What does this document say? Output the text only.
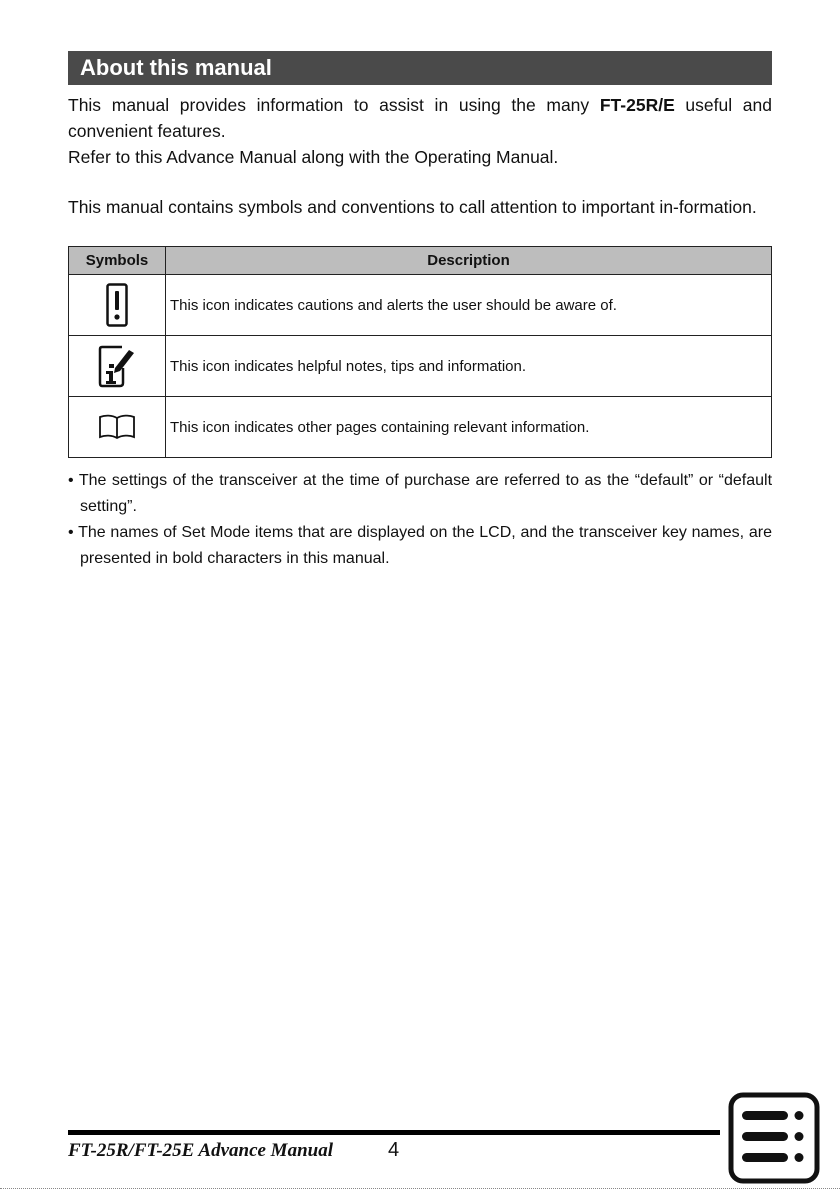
About this manual

This manual provides information to assist in using the many FT-25R/E useful and convenient features.
Refer to this Advance Manual along with the Operating Manual.

This manual contains symbols and conventions to call attention to important in-formation.

Symbols	Description
	This icon indicates cautions and alerts the user should be aware of.
	This icon indicates helpful notes, tips and information.
	This icon indicates other pages containing relevant information.
• The settings of the transceiver at the time of purchase are referred to as the “default” or “default setting”.
• The names of Set Mode items that are displayed on the LCD, and the transceiver key names, are presented in bold characters in this manual.
FT-25R/FT-25E Advance Manual	4
